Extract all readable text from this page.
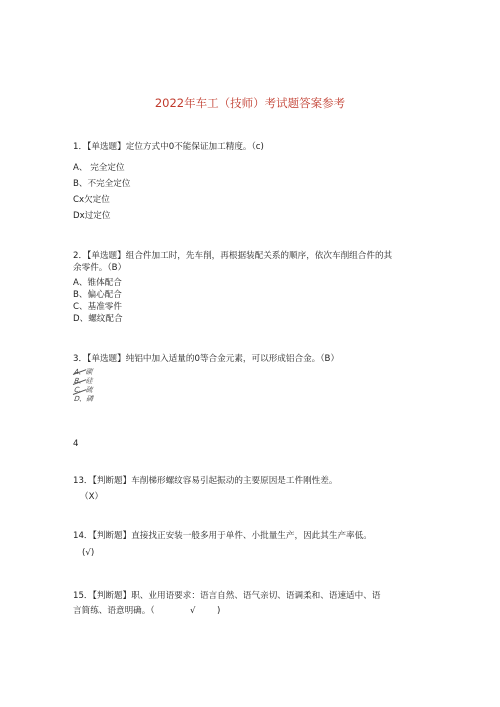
2022年车工（技师）考试题答案参考
1．【单选题】定位方式中0不能保证加工精度。（c)
A、 完全定位
B、不完全定位
Cx欠定位
Dx过定位
2．【单选题】组合件加工时，先车削，再根据装配关系的顺序，依次车削组合件的其
余零件。（B）
A、锥体配合
B、偏心配合
C、基准零件
D、螺纹配合
3．【单选题】纯铝中加入适量的0等合金元素，可以形成铝合金。（B）
A、碳
B、硅
C、硫
D、磷
4
13．【判断题】车削梯形螺纹容易引起振动的主要原因是工件刚性差。
（X）
14．【判断题】直接找正安装一般多用于单件、小批量生产，因此其生产率低。
(√)
15．【判断题】职、业用语要求：语言自然、语气亲切、语调柔和、语速适中、语
言简练、语意明确。（	√	)
